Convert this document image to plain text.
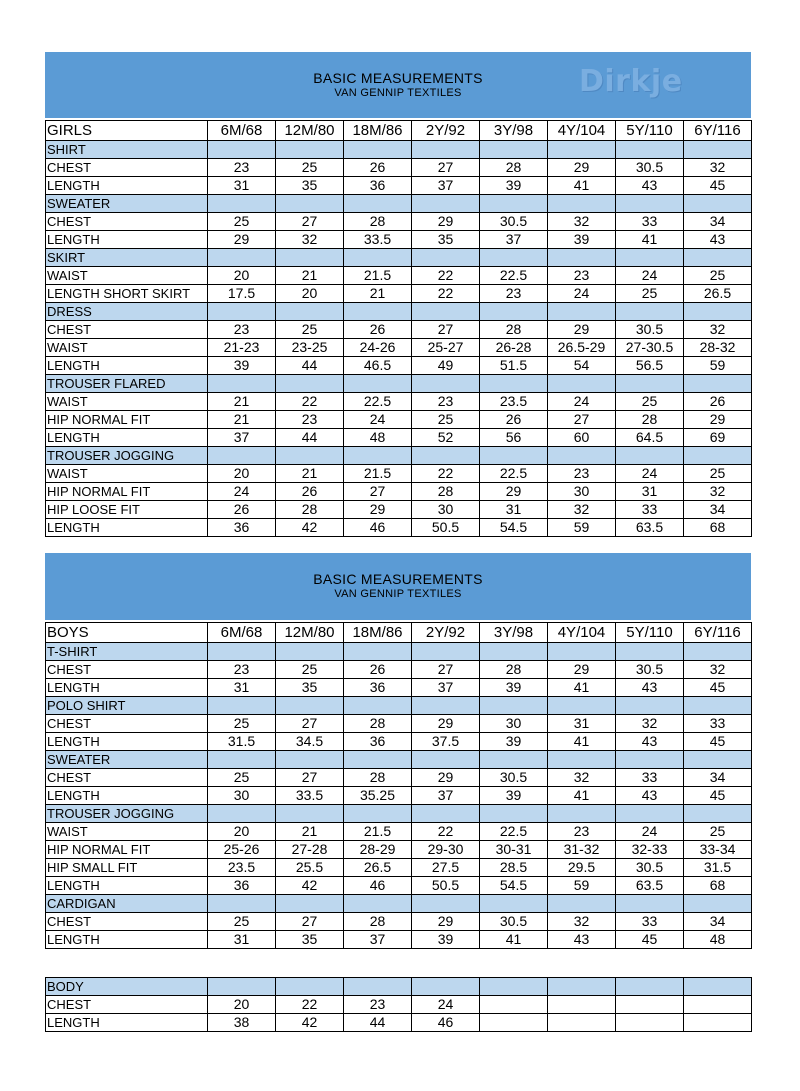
BASIC MEASUREMENTS
VAN GENNIP TEXTILES	Dirkje
GIRLS	6M/68	12M/80	18M/86	2Y/92	3Y/98	4Y/104	5Y/110	6Y/116
SHIRT								
CHEST	23	25	26	27	28	29	30.5	32
LENGTH	31	35	36	37	39	41	43	45
SWEATER								
CHEST	25	27	28	29	30.5	32	33	34
LENGTH	29	32	33.5	35	37	39	41	43
SKIRT								
WAIST	20	21	21.5	22	22.5	23	24	25
LENGTH SHORT SKIRT	17.5	20	21	22	23	24	25	26.5
DRESS								
CHEST	23	25	26	27	28	29	30.5	32
WAIST	21-23	23-25	24-26	25-27	26-28	26.5-29	27-30.5	28-32
LENGTH	39	44	46.5	49	51.5	54	56.5	59
TROUSER FLARED								
WAIST	21	22	22.5	23	23.5	24	25	26
HIP NORMAL FIT	21	23	24	25	26	27	28	29
LENGTH	37	44	48	52	56	60	64.5	69
TROUSER JOGGING								
WAIST	20	21	21.5	22	22.5	23	24	25
HIP NORMAL FIT	24	26	27	28	29	30	31	32
HIP LOOSE FIT	26	28	29	30	31	32	33	34
LENGTH	36	42	46	50.5	54.5	59	63.5	68
BASIC MEASUREMENTS
VAN GENNIP TEXTILES
BOYS	6M/68	12M/80	18M/86	2Y/92	3Y/98	4Y/104	5Y/110	6Y/116
T-SHIRT								
CHEST	23	25	26	27	28	29	30.5	32
LENGTH	31	35	36	37	39	41	43	45
POLO SHIRT								
CHEST	25	27	28	29	30	31	32	33
LENGTH	31.5	34.5	36	37.5	39	41	43	45
SWEATER								
CHEST	25	27	28	29	30.5	32	33	34
LENGTH	30	33.5	35.25	37	39	41	43	45
TROUSER JOGGING								
WAIST	20	21	21.5	22	22.5	23	24	25
HIP NORMAL FIT	25-26	27-28	28-29	29-30	30-31	31-32	32-33	33-34
HIP SMALL FIT	23.5	25.5	26.5	27.5	28.5	29.5	30.5	31.5
LENGTH	36	42	46	50.5	54.5	59	63.5	68
CARDIGAN								
CHEST	25	27	28	29	30.5	32	33	34
LENGTH	31	35	37	39	41	43	45	48
BODY								
CHEST	20	22	23	24				
LENGTH	38	42	44	46				
